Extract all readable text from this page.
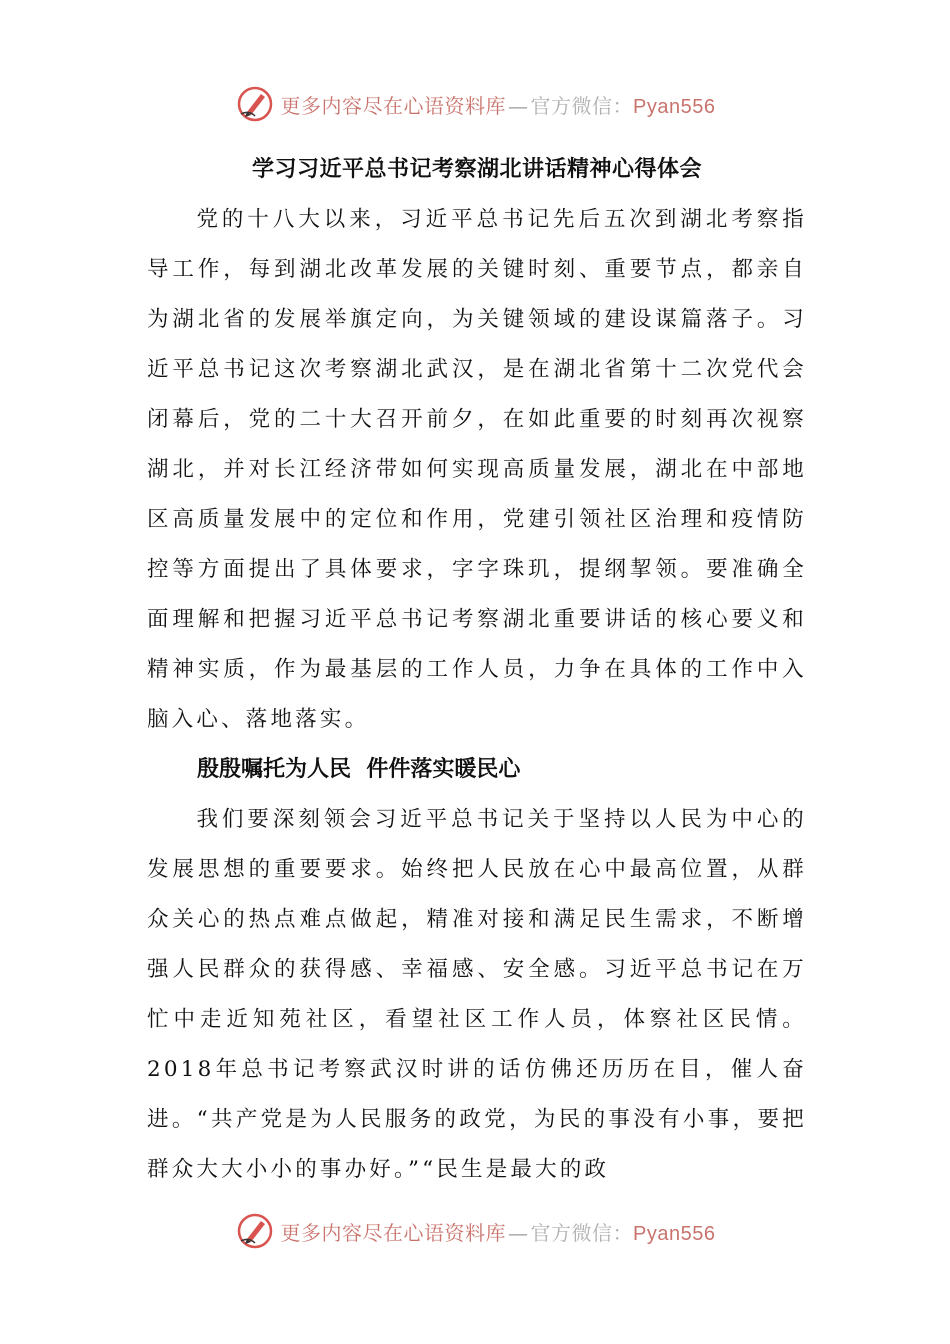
更多内容尽在心语资料库 — 官方微信：Pyan556
学习习近平总书记考察湖北讲话精神心得体会

党的十八大以来，习近平总书记先后五次到湖北考察指导工作，每到湖北改革发展的关键时刻、重要节点，都亲自为湖北省的发展举旗定向，为关键领域的建设谋篇落子。习近平总书记这次考察湖北武汉，是在湖北省第十二次党代会闭幕后，党的二十大召开前夕，在如此重要的时刻再次视察湖北，并对长江经济带如何实现高质量发展，湖北在中部地区高质量发展中的定位和作用，党建引领社区治理和疫情防控等方面提出了具体要求，字字珠玑，提纲挈领。要准确全面理解和把握习近平总书记考察湖北重要讲话的核心要义和精神实质，作为最基层的工作人员，力争在具体的工作中入脑入心、落地落实。

殷殷嘱托为人民  件件落实暖民心

我们要深刻领会习近平总书记关于坚持以人民为中心的发展思想的重要要求。始终把人民放在心中最高位置，从群众关心的热点难点做起，精准对接和满足民生需求，不断增强人民群众的获得感、幸福感、安全感。习近平总书记在万忙中走近知苑社区，看望社区工作人员，体察社区民情。2018年总书记考察武汉时讲的话仿佛还历历在目，催人奋进。“共产党是为人民服务的政党，为民的事没有小事，要把群众大大小小的事办好。”“民生是最大的政

更多内容尽在心语资料库 — 官方微信：Pyan556
